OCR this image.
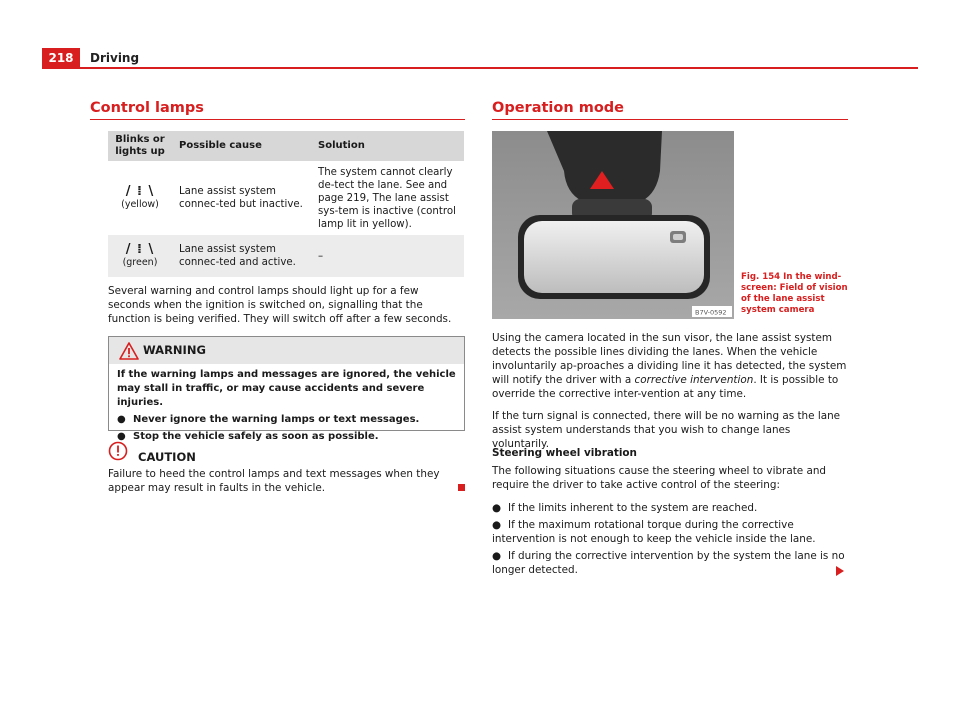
218	Driving
Control lamps
Blinks or lights up	Possible cause	Solution

/ ⁞ \
(yellow)	Lane assist system connec-ted but inactive.	The system cannot clearly de-tect the lane. See and page 219, The lane assist sys-tem is inactive (control lamp lit in yellow).

/ ⁞ \
(green)	Lane assist system connec-ted and active.	–

Several warning and control lamps should light up for a few seconds when the ignition is switched on, signalling that the function is being verified. They will switch off after a few seconds.

WARNING

If the warning lamps and messages are ignored, the vehicle may stall in traffic, or may cause accidents and severe injuries.

● Never ignore the warning lamps or text messages.
● Stop the vehicle safely as soon as possible.
CAUTION

Failure to heed the control lamps and text messages when they appear may result in faults in the vehicle.

Operation mode
B7V-0592
Fig. 154 In the wind-screen: Field of vision of the lane assist system camera

Using the camera located in the sun visor, the lane assist system detects the possible lines dividing the lanes. When the vehicle involuntarily ap-proaches a dividing line it has detected, the system will notify the driver with a corrective intervention. It is possible to override the corrective inter-vention at any time.

If the turn signal is connected, there will be no warning as the lane assist system understands that you wish to change lanes voluntarily.

Steering wheel vibration

The following situations cause the steering wheel to vibrate and require the driver to take active control of the steering:

● If the limits inherent to the system are reached.
● If the maximum rotational torque during the corrective intervention is not enough to keep the vehicle inside the lane.
● If during the corrective intervention by the system the lane is no longer detected.
